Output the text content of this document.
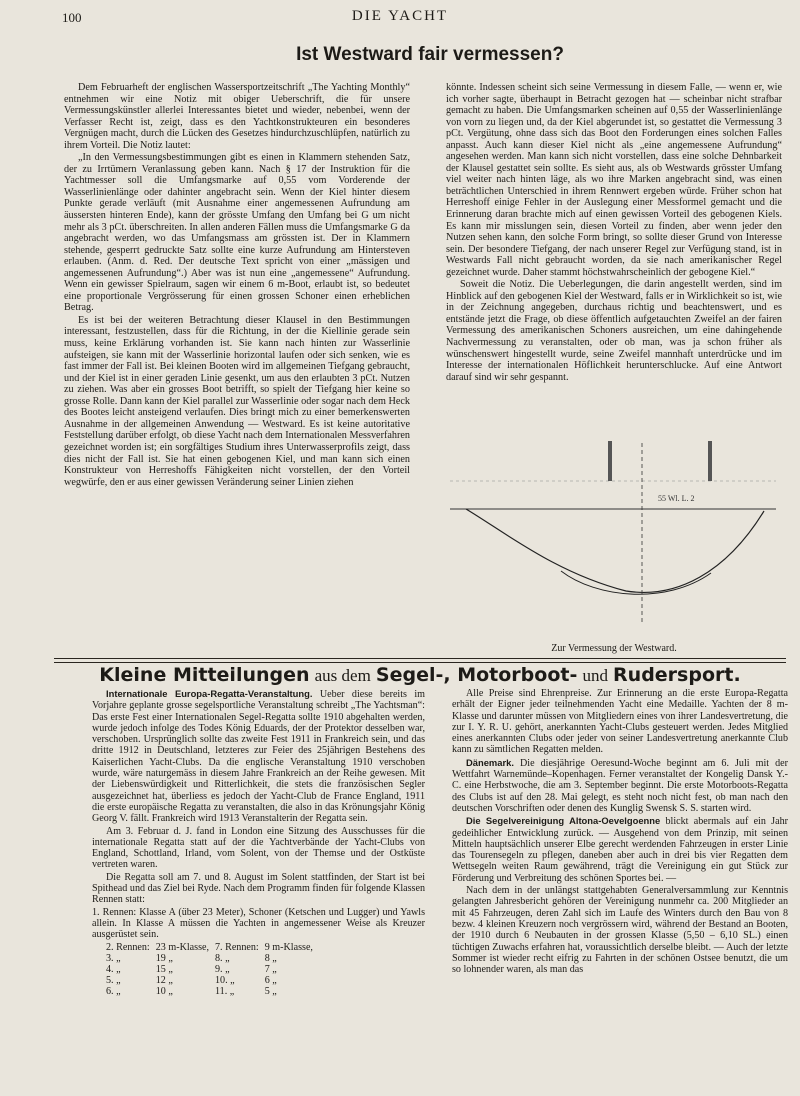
100	DIE YACHT
Ist Westward fair vermessen?

Dem Februarheft der englischen Wassersportzeitschrift „The Yachting Monthly“ entnehmen wir eine Notiz mit obiger Ueberschrift, die für unsere Vermessungskünstler allerlei Interessantes bietet und wieder, nebenbei, wenn der Verfasser Recht ist, zeigt, dass es den Yachtkonstrukteuren ein besonderes Vergnügen macht, durch die Lücken des Gesetzes hindurchzuschlüpfen, natürlich zu ihrem Vorteil. Die Notiz lautet:

„In den Vermessungsbestimmungen gibt es einen in Klammern stehenden Satz, der zu Irrtümern Veranlassung geben kann. Nach § 17 der Instruktion für die Yachtmesser soll die Umfangsmarke auf 0,55 vom Vorderende der Wasserlinienlänge oder dahinter angebracht sein. Wenn der Kiel hinter diesem Punkte gerade verläuft (mit Ausnahme einer angemessenen Aufrundung am äussersten hinteren Ende), kann der grösste Umfang den Umfang bei G um nicht mehr als 3 pCt. überschreiten. In allen anderen Fällen muss die Umfangsmarke G da angebracht werden, wo das Umfangsmass am grössten ist. Der in Klammern stehende, gesperrt gedruckte Satz sollte eine kurze Aufrundung am Hintersteven erlauben. (Anm. d. Red. Der deutsche Text spricht von einer „mässigen und angemessenen Aufrundung“.) Aber was ist nun eine „angemessene“ Aufrundung. Wenn ein gewisser Spielraum, sagen wir einem 6 m-Boot, erlaubt ist, so bedeutet eine proportionale Vergrösserung für einen grossen Schoner einen erheblichen Betrag.

Es ist bei der weiteren Betrachtung dieser Klausel in den Bestimmungen interessant, festzustellen, dass für die Richtung, in der die Kiellinie gerade sein muss, keine Erklärung vorhanden ist. Sie kann nach hinten zur Wasserlinie aufsteigen, sie kann mit der Wasserlinie horizontal laufen oder sich senken, wie es fast immer der Fall ist. Bei kleinen Booten wird im allgemeinen Tiefgang gebraucht, und der Kiel ist in einer geraden Linie gesenkt, um aus den erlaubten 3 pCt. Nutzen zu ziehen. Was aber ein grosses Boot betrifft, so spielt der Tiefgang hier keine so grosse Rolle. Dann kann der Kiel parallel zur Wasserlinie oder sogar nach dem Heck des Bootes leicht ansteigend verlaufen. Dies bringt mich zu einer bemerkenswerten Ausnahme in der allgemeinen Anwendung — Westward. Es ist keine autoritative Feststellung darüber erfolgt, ob diese Yacht nach dem Internationalen Messverfahren gezeichnet worden ist; ein sorgfältiges Studium ihres Unterwasserprofils zeigt, dass dies nicht der Fall ist. Sie hat einen gebogenen Kiel, und man kann sich einen Konstrukteur von Herreshoffs Fähigkeiten nicht vorstellen, der den Vorteil wegwürfe, den er aus einer gewissen Veränderung seiner Linien ziehen

könnte. Indessen scheint sich seine Vermessung in diesem Falle, — wenn er, wie ich vorher sagte, überhaupt in Betracht gezogen hat — scheinbar nicht strafbar gemacht zu haben. Die Umfangsmarken scheinen auf 0,55 der Wasserlinienlänge von vorn zu liegen und, da der Kiel abgerundet ist, so gestattet die Vermessung 3 pCt. Vergütung, ohne dass sich das Boot den Forderungen eines solchen Falles anpasst. Auch kann dieser Kiel nicht als „eine angemessene Aufrundung“ angesehen werden. Man kann sich nicht vorstellen, dass eine solche Dehnbarkeit der Klausel gestattet sein sollte. Es sieht aus, als ob Westwards grösster Umfang viel weiter nach hinten läge, als wo ihre Marken angebracht sind, was einen beträchtlichen Unterschied in ihrem Rennwert ergeben würde. Früher schon hat Herreshoff einige Fehler in der Auslegung einer Messformel gemacht und die Erinnerung daran brachte mich auf einen gewissen Vorteil des gebogenen Kiels. Es kann mir misslungen sein, diesen Vorteil zu finden, aber wenn jeder den Nutzen sehen kann, den solche Form bringt, so sollte dieser Grund von Interesse sein. Der besondere Tiefgang, der nach unserer Regel zur Verfügung stand, ist in Westwards Fall nicht gebraucht worden, da sie nach amerikanischer Regel gezeichnet wurde. Daher stammt höchstwahrscheinlich der gebogene Kiel.“

Soweit die Notiz. Die Ueberlegungen, die darin angestellt werden, sind im Hinblick auf den gebogenen Kiel der Westward, falls er in Wirklichkeit so ist, wie in der Zeichnung angegeben, durchaus richtig und beachtenswert, und es entstände jetzt die Frage, ob diese öffentlich aufgetauchten Zweifel an der fairen Vermessung des amerikanischen Schoners ausreichen, um eine dahingehende Nachvermessung zu veranstalten, oder ob man, was ja schon früher als wünschenswert hingestellt wurde, seine Zweifel mannhaft unterdrücke und im Interesse der internationalen Höflichkeit herunterschlucke. Auf eine Antwort darauf sind wir sehr gespannt.

55 Wl. L. 2
Zur Vermessung der Westward.
Kleine Mitteilungen aus dem Segel-, Motorboot- und Rudersport.

Internationale Europa-Regatta-Veranstaltung. Ueber diese bereits im Vorjahre geplante grosse segelsportliche Veranstaltung schreibt „The Yachtsman“: Das erste Fest einer Internationalen Segel-Regatta sollte 1910 abgehalten werden, wurde jedoch infolge des Todes König Eduards, der der Protektor desselben war, verschoben. Ursprünglich sollte das zweite Fest 1911 in Frankreich sein, und das dritte 1912 in Deutschland, letzteres zur Feier des 25jährigen Bestehens des Kaiserlichen Yacht-Clubs. Da die englische Veranstaltung 1910 verschoben wurde, wäre naturgemäss in diesem Jahre Frankreich an der Reihe gewesen. Mit der Liebenswürdigkeit und Ritterlichkeit, die stets die französischen Segler ausgezeichnet hat, überliess es jedoch der Yacht-Club de France England, 1911 die erste europäische Regatta zu veranstalten, die also in das Krönungsjahr König Georg V. fällt. Frankreich wird 1913 Veranstalterin der Regatta sein.

Am 3. Februar d. J. fand in London eine Sitzung des Ausschusses für die internationale Regatta statt auf der die Yachtverbände der Yacht-Clubs von England, Schottland, Irland, vom Solent, von der Themse und der Ostküste vertreten waren.

Die Regatta soll am 7. und 8. August im Solent stattfinden, der Start ist bei Spithead und das Ziel bei Ryde. Nach dem Programm finden für folgende Klassen Rennen statt:

1. Rennen: Klasse A (über 23 Meter), Schoner (Ketschen und Lugger) und Yawls allein. In Klasse A müssen die Yachten in angemessener Weise als Kreuzer ausgerüstet sein.

2. Rennen:	23 m-Klasse,	7. Rennen:	9 m-Klasse,
3. „	19 „	8. „	8 „
4. „	15 „	9. „	7 „
5. „	12 „	10. „	6 „
6. „	10 „	11. „	5 „

Alle Preise sind Ehrenpreise. Zur Erinnerung an die erste Europa-Regatta erhält der Eigner jeder teilnehmenden Yacht eine Medaille. Yachten der 8 m-Klasse und darunter müssen von Mitgliedern eines von ihrer Landesvertretung, die zur I. Y. R. U. gehört, anerkannten Yacht-Clubs gesteuert werden. Jedes Mitglied eines anerkannten Clubs oder jeder von seiner Landesvertretung anerkannte Club kann zu sämtlichen Regatten melden.

Dänemark. Die diesjährige Oeresund-Woche beginnt am 6. Juli mit der Wettfahrt Warnemünde–Kopenhagen. Ferner veranstaltet der Kongelig Dansk Y.-C. eine Herbstwoche, die am 3. September beginnt. Die erste Motorboots-Regatta des Clubs ist auf den 28. Mai gelegt, es steht noch nicht fest, ob man nach den deutschen Vorschriften oder denen des Kunglig Swensk S. S. starten wird.

Die Segelvereinigung Altona-Oevelgoenne blickt abermals auf ein Jahr gedeihlicher Entwicklung zurück. — Ausgehend von dem Prinzip, mit seinen Mitteln hauptsächlich unserer Elbe gerecht werdenden Fahrzeugen in erster Linie das Tourensegeln zu pflegen, daneben aber auch in drei bis vier Regatten dem Wettsegeln weiten Raum gewährend, trägt die Vereinigung ein gut Stück zur Förderung und Verbreitung des schönen Sportes bei. —

Nach dem in der unlängst stattgehabten Generalversammlung zur Kenntnis gelangten Jahresbericht gehören der Vereinigung nunmehr ca. 200 Mitglieder an mit 45 Fahrzeugen, deren Zahl sich im Laufe des Winters durch den Bau von 8 bezw. 4 kleinen Kreuzern noch vergrössern wird, während der Bestand an Booten, der 1910 durch 6 Neubauten in der grossen Klasse (5,50 – 6,10 SL.) einen tüchtigen Zuwachs erfahren hat, voraussichtlich derselbe bleibt. — Auch der letzte Sommer ist wieder recht eifrig zu Fahrten in der schönen Ostsee benutzt, die um so lohnender waren, als man das
